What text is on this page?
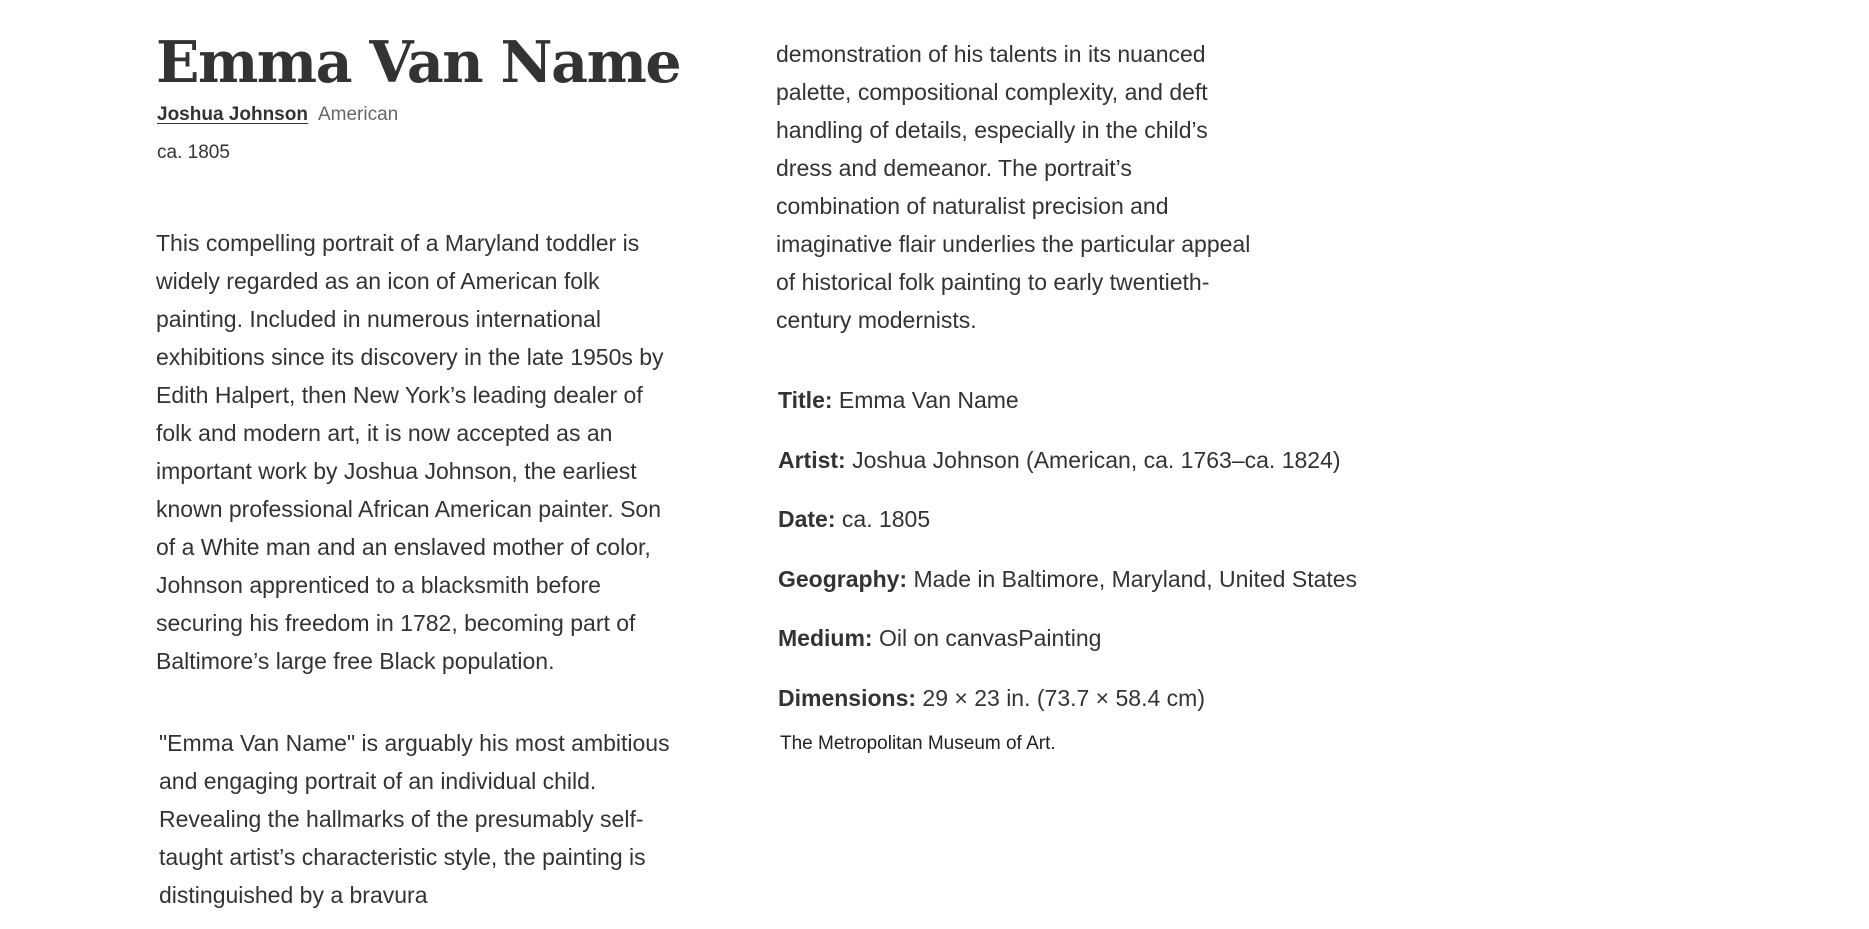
Emma Van Name
Joshua Johnson American
ca. 1805

This compelling portrait of a Maryland toddler is widely regarded as an icon of American folk painting. Included in numerous international exhibitions since its discovery in the late 1950s by Edith Halpert, then New York’s leading dealer of folk and modern art, it is now accepted as an important work by Joshua Johnson, the earliest known professional African American painter. Son of a White man and an enslaved mother of color, Johnson apprenticed to a blacksmith before securing his freedom in 1782, becoming part of Baltimore’s large free Black population.

"Emma Van Name" is arguably his most ambitious and engaging portrait of an individual child. Revealing the hallmarks of the presumably self-taught artist’s characteristic style, the painting is distinguished by a bravura

demonstration of his talents in its nuanced palette, compositional complexity, and deft handling of details, especially in the child’s dress and demeanor. The portrait’s combination of naturalist precision and imaginative flair underlies the particular appeal of historical folk painting to early twentieth-century modernists.

Title: Emma Van Name
Artist: Joshua Johnson (American, ca. 1763–ca. 1824)
Date: ca. 1805
Geography: Made in Baltimore, Maryland, United States
Medium: Oil on canvasPainting
Dimensions: 29 × 23 in. (73.7 × 58.4 cm)
The Metropolitan Museum of Art.
